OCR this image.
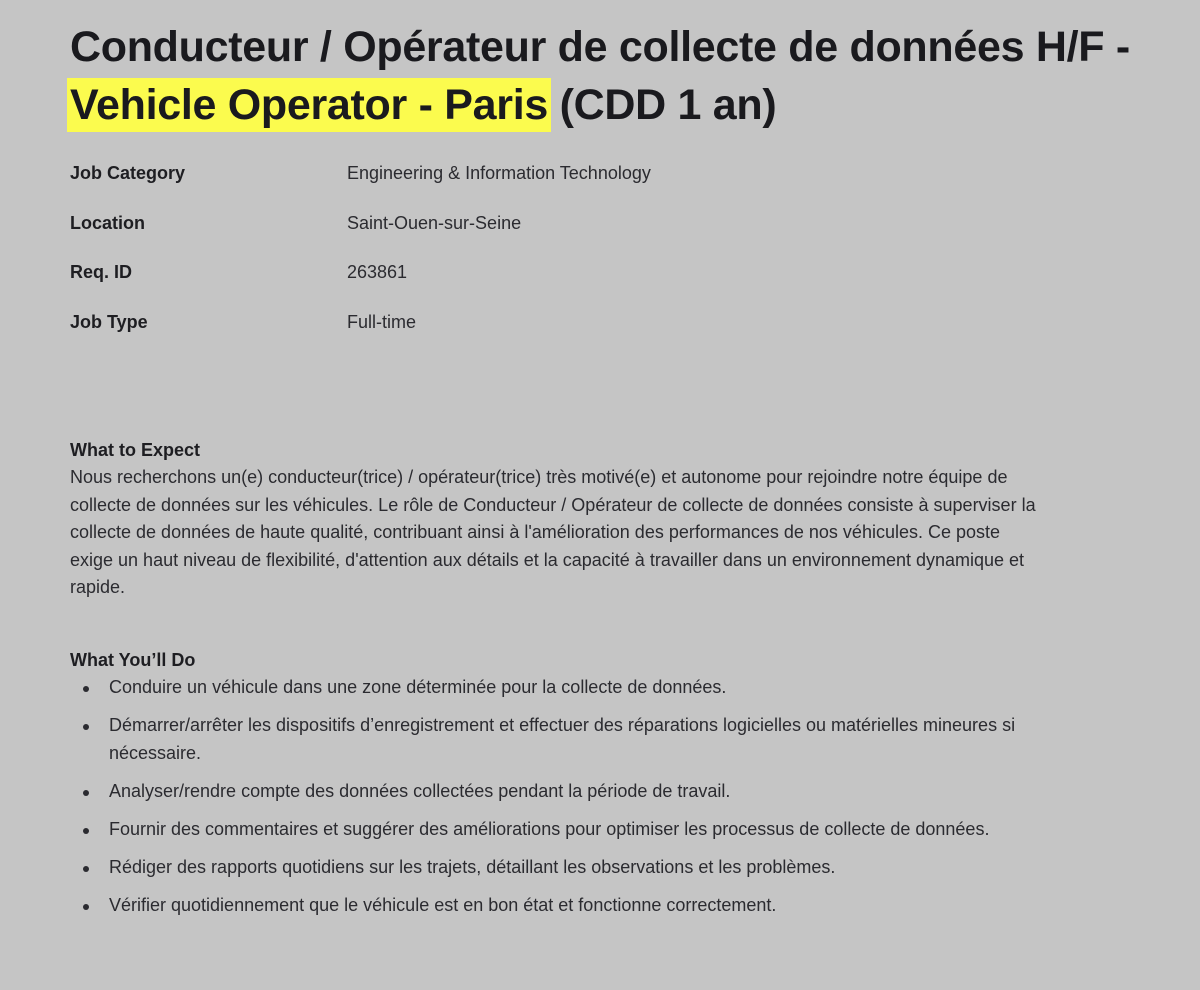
Conducteur / Opérateur de collecte de données H/F - Vehicle Operator - Paris (CDD 1 an)
Job Category	Engineering & Information Technology
Location	Saint-Ouen-sur-Seine
Req. ID	263861
Job Type	Full-time
What to Expect

Nous recherchons un(e) conducteur(trice) / opérateur(trice) très motivé(e) et autonome pour rejoindre notre équipe de collecte de données sur les véhicules. Le rôle de Conducteur / Opérateur de collecte de données consiste à superviser la collecte de données de haute qualité, contribuant ainsi à l'amélioration des performances de nos véhicules. Ce poste exige un haut niveau de flexibilité, d'attention aux détails et la capacité à travailler dans un environnement dynamique et rapide.

What You’ll Do
Conduire un véhicule dans une zone déterminée pour la collecte de données.
Démarrer/arrêter les dispositifs d’enregistrement et effectuer des réparations logicielles ou matérielles mineures si nécessaire.
Analyser/rendre compte des données collectées pendant la période de travail.
Fournir des commentaires et suggérer des améliorations pour optimiser les processus de collecte de données.
Rédiger des rapports quotidiens sur les trajets, détaillant les observations et les problèmes.
Vérifier quotidiennement que le véhicule est en bon état et fonctionne correctement.
